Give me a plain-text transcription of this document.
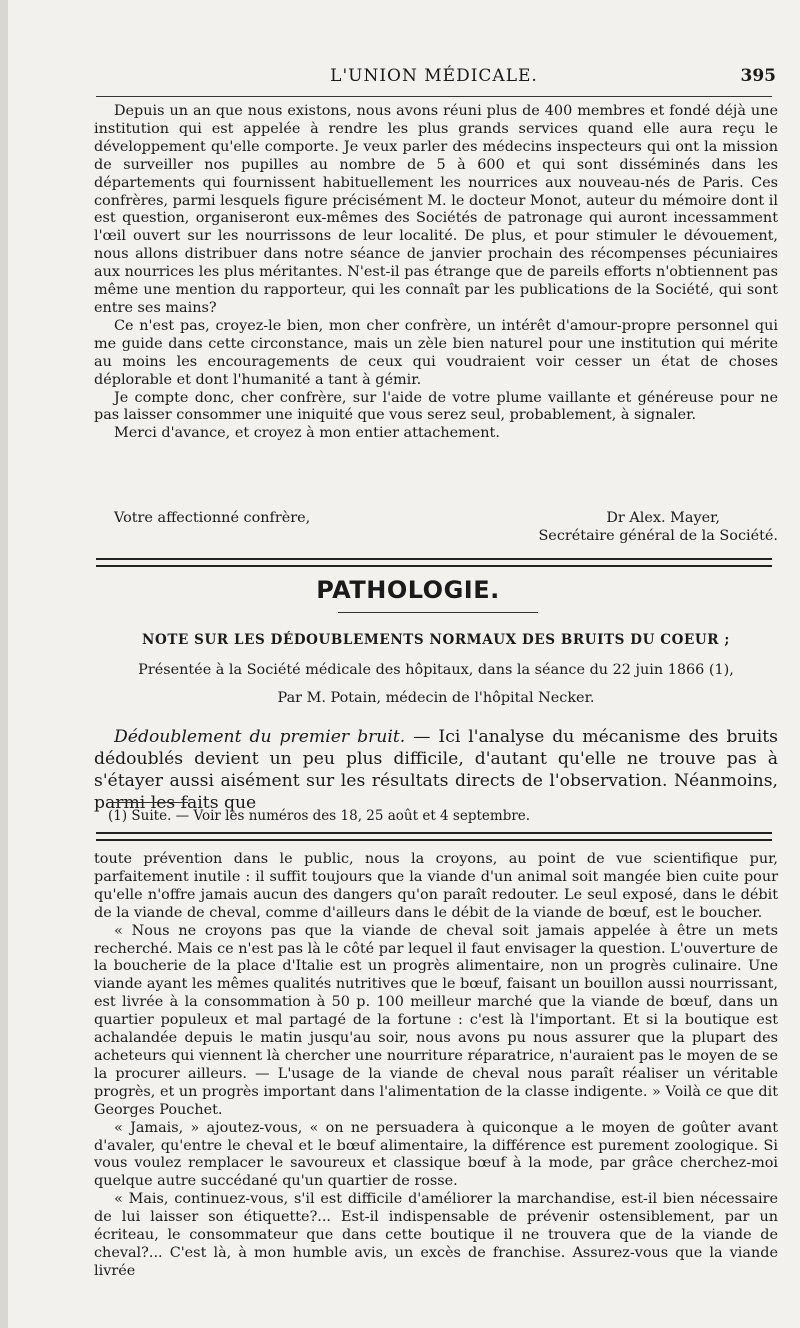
L'UNION MÉDICALE.	395

Depuis un an que nous existons, nous avons réuni plus de 400 membres et fondé déjà une institution qui est appelée à rendre les plus grands services quand elle aura reçu le développement qu'elle comporte. Je veux parler des médecins inspecteurs qui ont la mission de surveiller nos pupilles au nombre de 5 à 600 et qui sont disséminés dans les départements qui fournissent habituellement les nourrices aux nouveau-nés de Paris. Ces confrères, parmi lesquels figure précisément M. le docteur Monot, auteur du mémoire dont il est question, organiseront eux-mêmes des Sociétés de patronage qui auront incessamment l'œil ouvert sur les nourrissons de leur localité. De plus, et pour stimuler le dévouement, nous allons distribuer dans notre séance de janvier prochain des récompenses pécuniaires aux nourrices les plus méritantes. N'est-il pas étrange que de pareils efforts n'obtiennent pas même une mention du rapporteur, qui les connaît par les publications de la Société, qui sont entre ses mains?

Ce n'est pas, croyez-le bien, mon cher confrère, un intérêt d'amour-propre personnel qui me guide dans cette circonstance, mais un zèle bien naturel pour une institution qui mérite au moins les encouragements de ceux qui voudraient voir cesser un état de choses déplorable et dont l'humanité a tant à gémir.

Je compte donc, cher confrère, sur l'aide de votre plume vaillante et généreuse pour ne pas laisser consommer une iniquité que vous serez seul, probablement, à signaler.

Merci d'avance, et croyez à mon entier attachement.

Votre affectionné confrère,	Dr Alex. Mayer,
Secrétaire général de la Société.
PATHOLOGIE.
NOTE SUR LES DÉDOUBLEMENTS NORMAUX DES BRUITS DU COEUR ;
Présentée à la Société médicale des hôpitaux, dans la séance du 22 juin 1866 (1),
Par M. Potain, médecin de l'hôpital Necker.

Dédoublement du premier bruit. — Ici l'analyse du mécanisme des bruits dédoublés devient un peu plus difficile, d'autant qu'elle ne trouve pas à s'étayer aussi aisément sur les résultats directs de l'observation. Néanmoins, parmi les faits que

(1) Suite. — Voir les numéros des 18, 25 août et 4 septembre.

toute prévention dans le public, nous la croyons, au point de vue scientifique pur, parfaitement inutile : il suffit toujours que la viande d'un animal soit mangée bien cuite pour qu'elle n'offre jamais aucun des dangers qu'on paraît redouter. Le seul exposé, dans le débit de la viande de cheval, comme d'ailleurs dans le débit de la viande de bœuf, est le boucher.

« Nous ne croyons pas que la viande de cheval soit jamais appelée à être un mets recherché. Mais ce n'est pas là le côté par lequel il faut envisager la question. L'ouverture de la boucherie de la place d'Italie est un progrès alimentaire, non un progrès culinaire. Une viande ayant les mêmes qualités nutritives que le bœuf, faisant un bouillon aussi nourrissant, est livrée à la consommation à 50 p. 100 meilleur marché que la viande de bœuf, dans un quartier populeux et mal partagé de la fortune : c'est là l'important. Et si la boutique est achalandée depuis le matin jusqu'au soir, nous avons pu nous assurer que la plupart des acheteurs qui viennent là chercher une nourriture réparatrice, n'auraient pas le moyen de se la procurer ailleurs. — L'usage de la viande de cheval nous paraît réaliser un véritable progrès, et un progrès important dans l'alimentation de la classe indigente. » Voilà ce que dit Georges Pouchet.

« Jamais, » ajoutez-vous, « on ne persuadera à quiconque a le moyen de goûter avant d'avaler, qu'entre le cheval et le bœuf alimentaire, la différence est purement zoologique. Si vous voulez remplacer le savoureux et classique bœuf à la mode, par grâce cherchez-moi quelque autre succédané qu'un quartier de rosse.

« Mais, continuez-vous, s'il est difficile d'améliorer la marchandise, est-il bien nécessaire de lui laisser son étiquette?... Est-il indispensable de prévenir ostensiblement, par un écriteau, le consommateur que dans cette boutique il ne trouvera que de la viande de cheval?... C'est là, à mon humble avis, un excès de franchise. Assurez-vous que la viande livrée
